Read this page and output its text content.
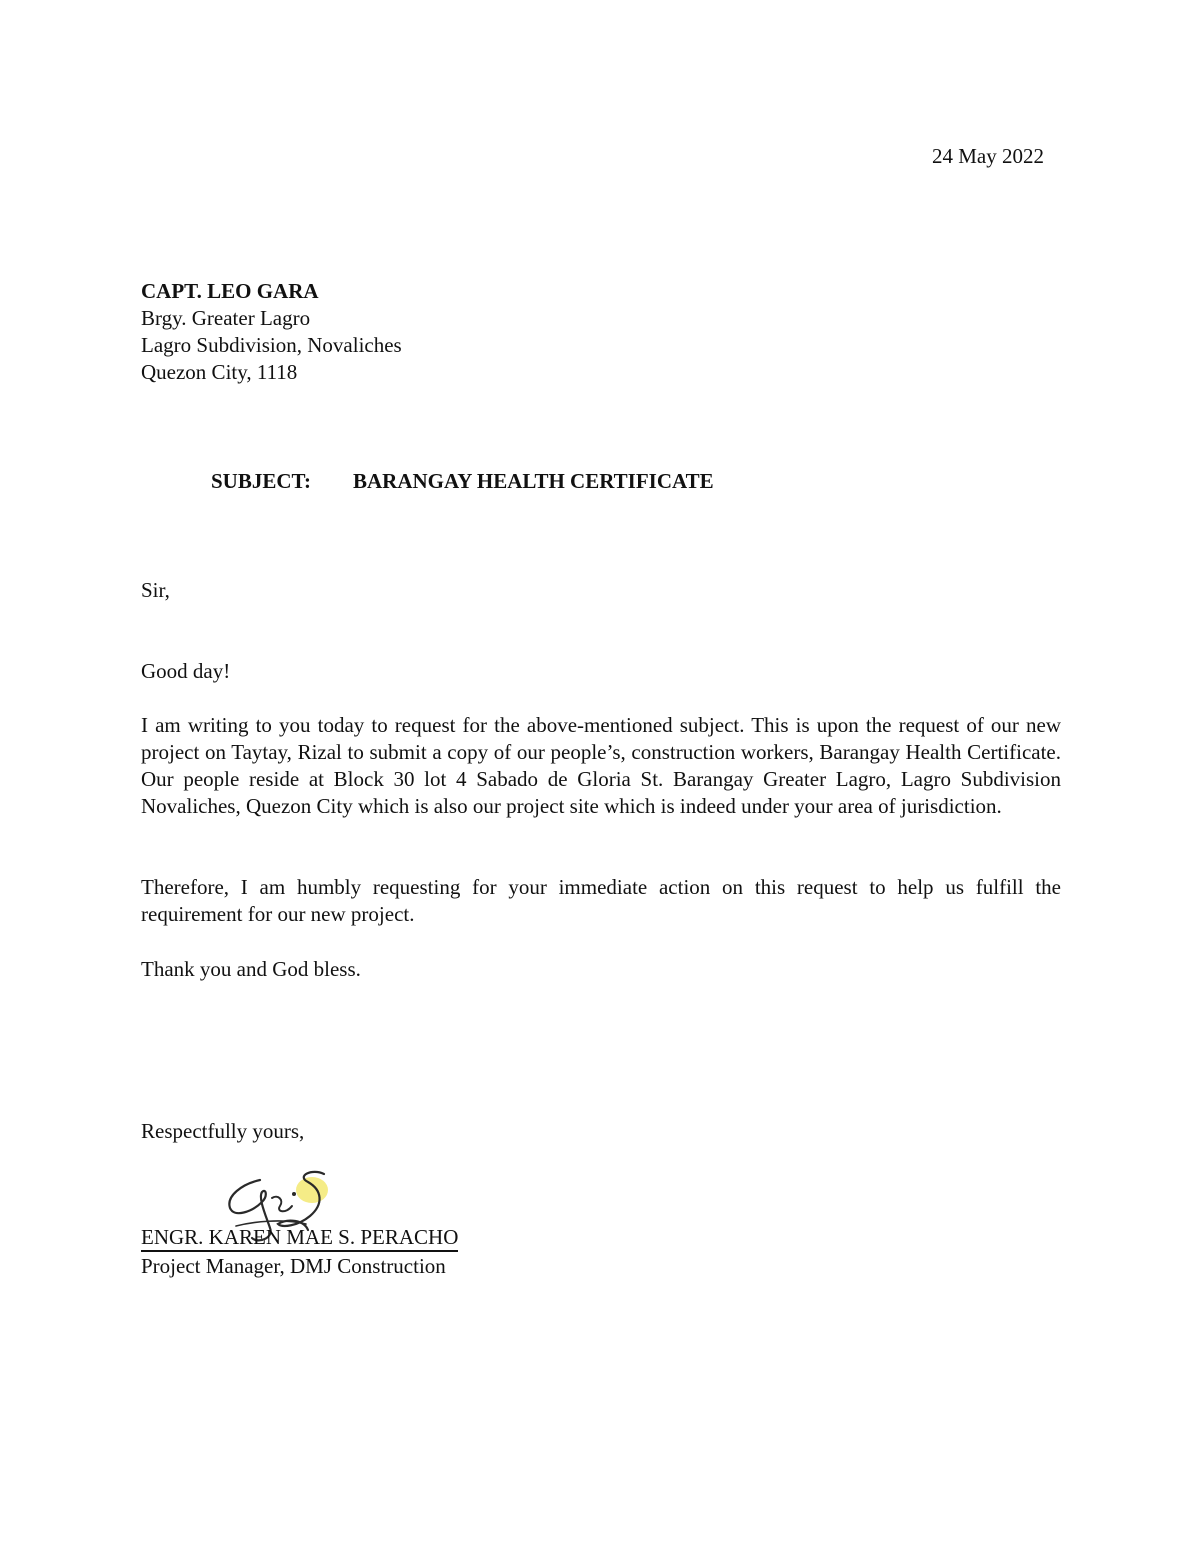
24 May 2022
CAPT. LEO GARA
Brgy. Greater Lagro
Lagro Subdivision, Novaliches
Quezon City, 1118
SUBJECT: BARANGAY HEALTH CERTIFICATE
Sir,
Good day!
I am writing to you today to request for the above-mentioned subject. This is upon the request of our new project on Taytay, Rizal to submit a copy of our people’s, construction workers, Barangay Health Certificate. Our people reside at Block 30 lot 4 Sabado de Gloria St. Barangay Greater Lagro, Lagro Subdivision Novaliches, Quezon City which is also our project site which is indeed under your area of jurisdiction.
Therefore, I am humbly requesting for your immediate action on this request to help us fulfill the requirement for our new project.
Thank you and God bless.
Respectfully yours,
ENGR. KAREN MAE S. PERACHO
Project Manager, DMJ Construction
